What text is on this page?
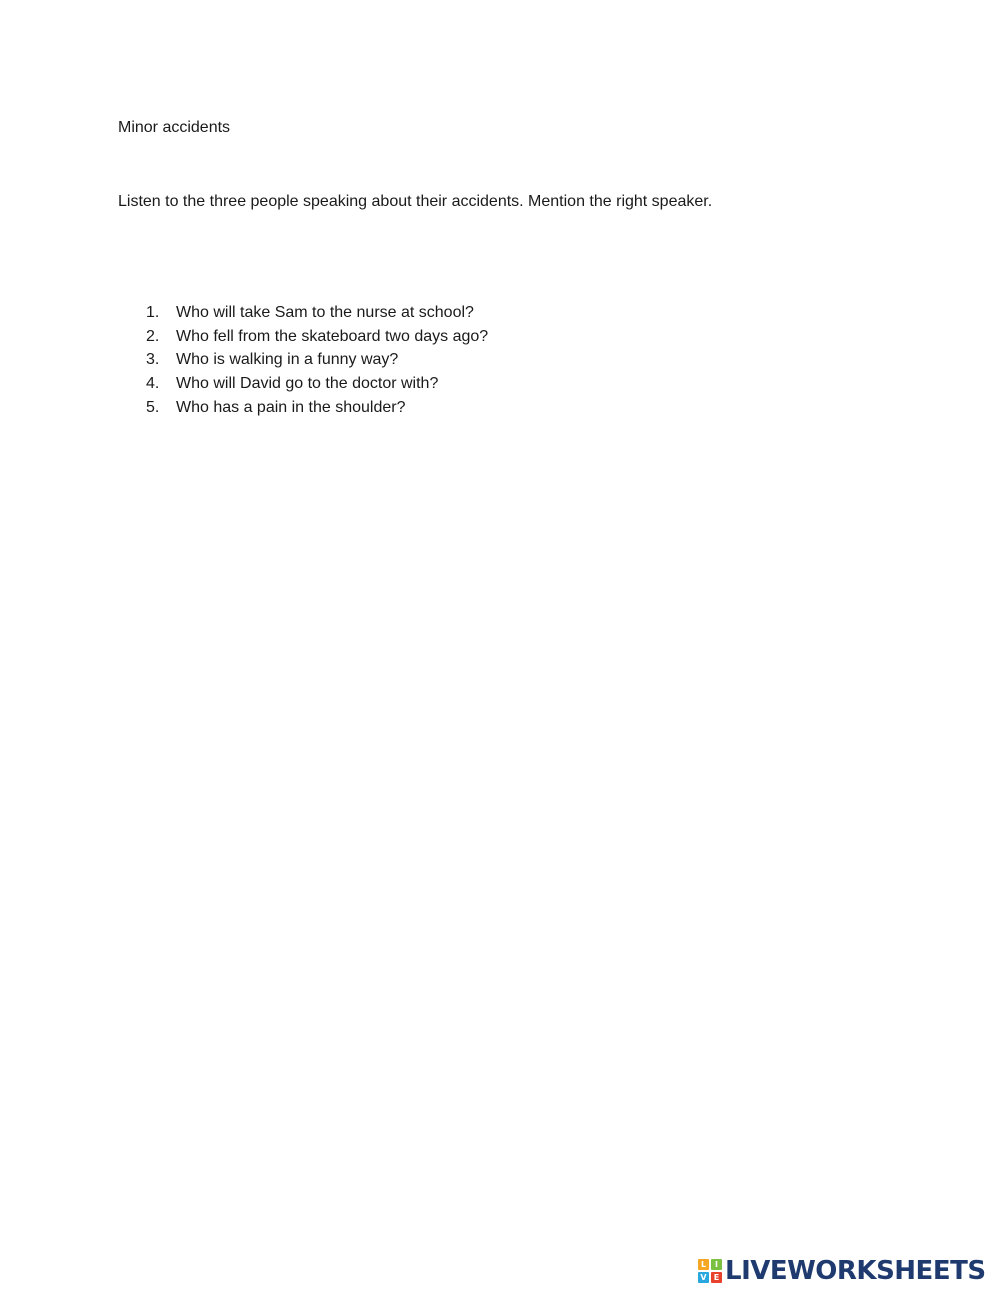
Minor accidents
Listen to the three people speaking about their accidents. Mention the right speaker.
1.	Who will take Sam to the nurse at school?
2.	Who fell from the skateboard two days ago?
3.	Who is walking in a funny way?
4.	Who will David go to the doctor with?
5.	Who has a pain in the shoulder?
L	I
V E LIVEWORKSHEETS
